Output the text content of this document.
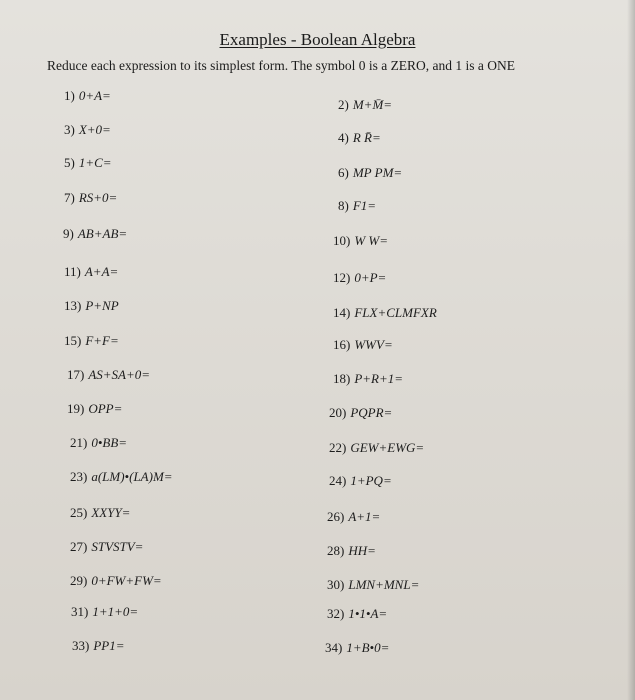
Examples - Boolean Algebra
Reduce each expression to its simplest form. The symbol 0 is a ZERO, and 1 is a ONE
1) 0+A=
3) X+0=
5) 1+C=
7) RS+0=
9) AB+AB=
11) A+A=
13) P+NP
15) F+F=
17) AS+SA+0=
19) OPP=
21) 0•BB=
23) a(LM)•(LA)M=
25) XXYY=
27) STVSTV=
29) 0+FW+FW=
31) 1+1+0=
33) PP1=
2) M+M̄=
4) R R̄=
6) MP PM=
8) F1=
10) W W=
12) 0+P=
14) FLX+CLMFXR
16) WWV=
18) P+R+1=
20) PQPR=
22) GEW+EWG=
24) 1+PQ=
26) A+1=
28) HH=
30) LMN+MNL=
32) 1•1•A=
34) 1+B•0=
